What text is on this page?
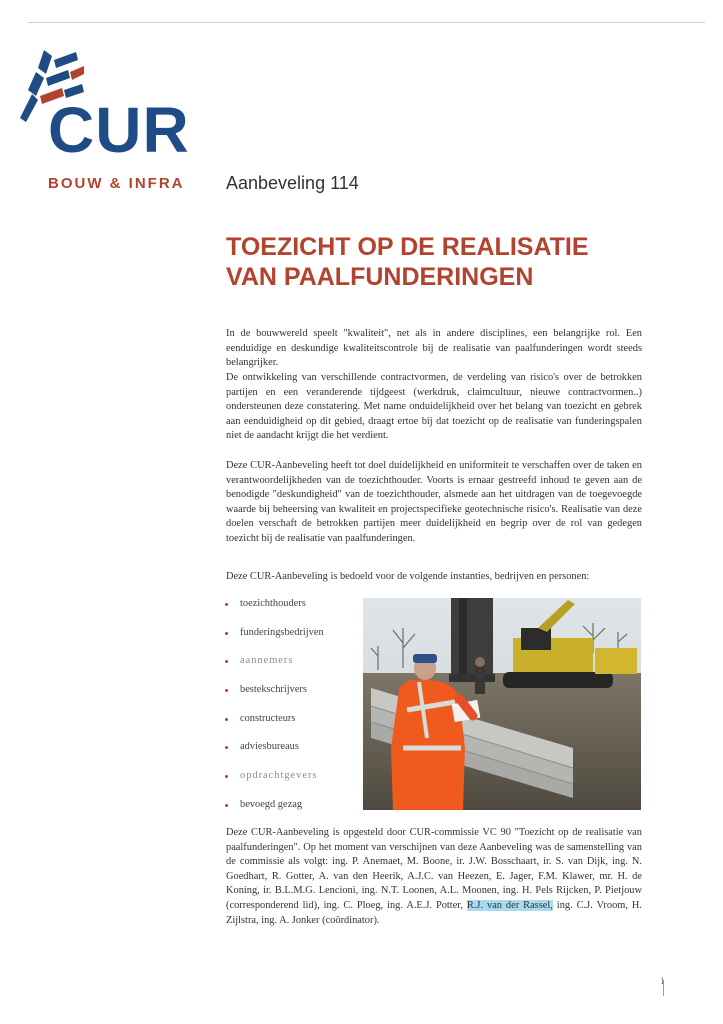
CUR
BOUW & INFRA Aanbeveling 114
TOEZICHT OP DE REALISATIE
VAN PAALFUNDERINGEN
In de bouwwereld speelt "kwaliteit", net als in andere disciplines, een belangrijke rol. Een eenduidige en deskundige kwaliteitscontrole bij de realisatie van paalfunderingen wordt steeds belangrijker.
De ontwikkeling van verschillende contractvormen, de verdeling van risico's over de betrokken partijen en een veranderende tijdgeest (werkdruk, claimcultuur, nieuwe contractvormen..) ondersteunen deze constatering. Met name onduidelijkheid over het belang van toezicht en gebrek aan eenduidigheid op dit gebied, draagt ertoe bij dat toezicht op de realisatie van funderingspalen niet de aandacht krijgt die het verdient.
Deze CUR-Aanbeveling heeft tot doel duidelijkheid en uniformiteit te verschaffen over de taken en verantwoordelijkheden van de toezichthouder. Voorts is ernaar gestreefd inhoud te geven aan de benodigde "deskundigheid" van de toezichthouder, alsmede aan het uitdragen van de toegevoegde waarde bij beheersing van kwaliteit en projectspecifieke geotechnische risico's. Realisatie van deze doelen verschaft de betrokken partijen meer duidelijkheid en begrip over de rol van gedegen toezicht bij de realisatie van paalfunderingen.
Deze CUR-Aanbeveling is bedoeld voor de volgende instanties, bedrijven en personen:
toezichthouders
funderingsbedrijven
aannemers
bestekschrijvers
constructeurs
adviesbureaus
opdrachtgevers
bevoegd gezag
Deze CUR-Aanbeveling is opgesteld door CUR-commissie VC 90 "Toezicht op de realisatie van paalfunderingen". Op het moment van verschijnen van deze Aanbeveling was de samenstelling van de commissie als volgt: ing. P. Anemaet, M. Boone, ir. J.W. Bosschaart, ir. S. van Dijk, ing. N. Goedhart, R. Gotter, A. van den Heerik, A.J.C. van Heezen, E. Jager, F.M. Klawer, mr. H. de Koning, ir. B.L.M.G. Lencioni, ing. N.T. Loonen, A.L. Moonen, ing. H. Pels Rijcken, P. Pietjouw (corresponderend lid), ing. C. Ploeg, ing. A.E.J. Potter, R.J. van der Rassel, ing. C.J. Vroom, H. Zijlstra, ing. A. Jonker (coördinator).
1
